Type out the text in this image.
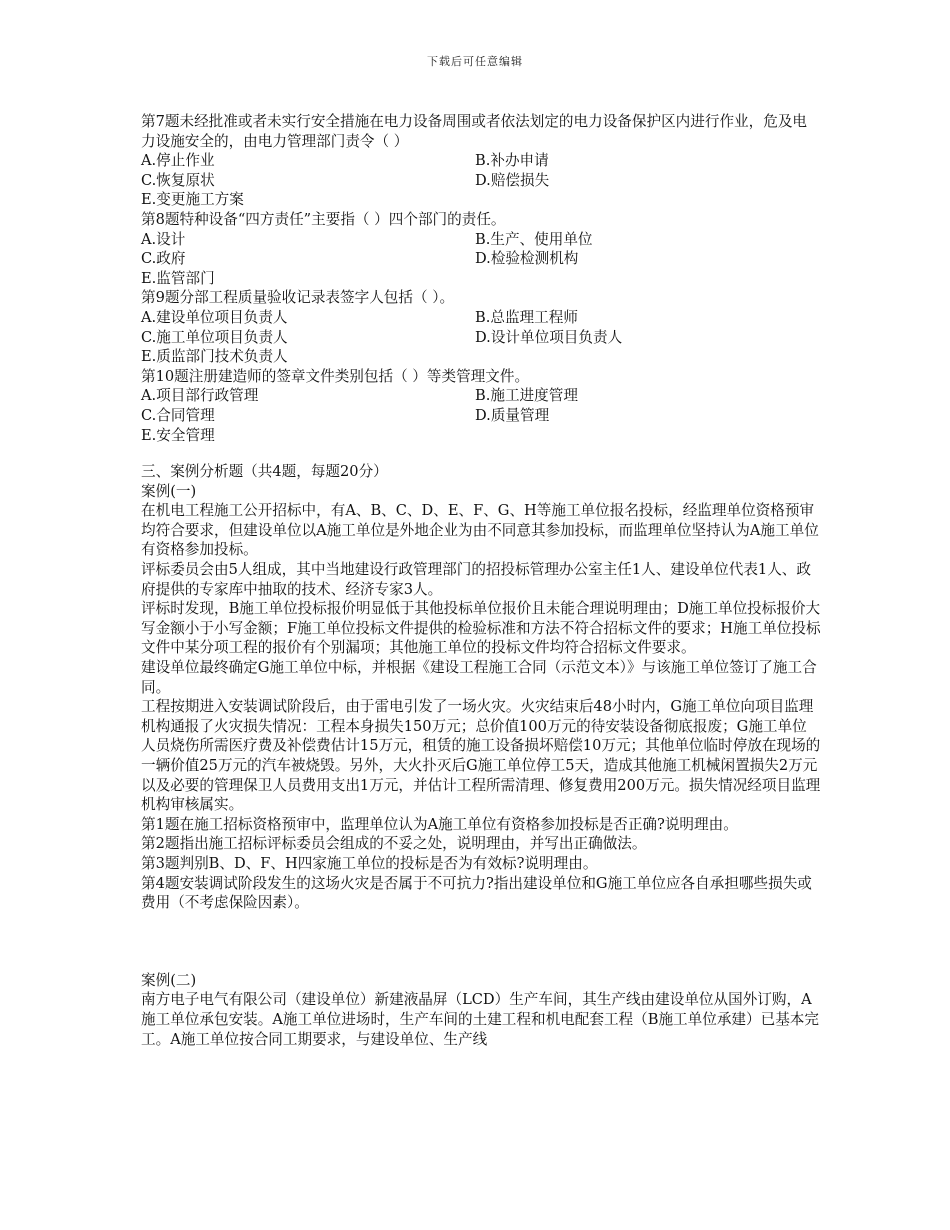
下载后可任意编辑

第7题未经批准或者未实行安全措施在电力设备周围或者依法划定的电力设备保护区内进行作业，危及电力设施安全的，由电力管理部门责令（ ）

A.停止作业	B.补办申请
C.恢复原状	D.赔偿损失

E.变更施工方案

第8题特种设备“四方责任”主要指（ ）四个部门的责任。

A.设计	B.生产、使用单位
C.政府	D.检验检测机构

E.监管部门

第9题分部工程质量验收记录表签字人包括（ ）。

A.建设单位项目负责人	B.总监理工程师
C.施工单位项目负责人	D.设计单位项目负责人

E.质监部门技术负责人

第10题注册建造师的签章文件类别包括（ ）等类管理文件。

A.项目部行政管理	B.施工进度管理
C.合同管理	D.质量管理

E.安全管理

三、案例分析题（共4题，每题20分）

案例(一)

在机电工程施工公开招标中，有A、B、C、D、E、F、G、H等施工单位报名投标，经监理单位资格预审均符合要求，但建设单位以A施工单位是外地企业为由不同意其参加投标，而监理单位坚持认为A施工单位有资格参加投标。

评标委员会由5人组成，其中当地建设行政管理部门的招投标管理办公室主任1人、建设单位代表1人、政府提供的专家库中抽取的技术、经济专家3人。

评标时发现，B施工单位投标报价明显低于其他投标单位报价且未能合理说明理由；D施工单位投标报价大写金额小于小写金额；F施工单位投标文件提供的检验标准和方法不符合招标文件的要求；H施工单位投标文件中某分项工程的报价有个别漏项；其他施工单位的投标文件均符合招标文件要求。

建设单位最终确定G施工单位中标，并根据《建设工程施工合同（示范文本）》与该施工单位签订了施工合同。

工程按期进入安装调试阶段后，由于雷电引发了一场火灾。火灾结束后48小时内，G施工单位向项目监理机构通报了火灾损失情况：工程本身损失150万元；总价值100万元的待安装设备彻底报废；G施工单位人员烧伤所需医疗费及补偿费估计15万元，租赁的施工设备损坏赔偿10万元；其他单位临时停放在现场的一辆价值25万元的汽车被烧毁。另外，大火扑灭后G施工单位停工5天，造成其他施工机械闲置损失2万元以及必要的管理保卫人员费用支出1万元，并估计工程所需清理、修复费用200万元。损失情况经项目监理机构审核属实。

第1题在施工招标资格预审中，监理单位认为A施工单位有资格参加投标是否正确?说明理由。

第2题指出施工招标评标委员会组成的不妥之处，说明理由，并写出正确做法。

第3题判别B、D、F、H四家施工单位的投标是否为有效标?说明理由。

第4题安装调试阶段发生的这场火灾是否属于不可抗力?指出建设单位和G施工单位应各自承担哪些损失或费用（不考虑保险因素）。

案例(二)

南方电子电气有限公司（建设单位）新建液晶屏（LCD）生产车间，其生产线由建设单位从国外订购，A施工单位承包安装。A施工单位进场时，生产车间的土建工程和机电配套工程（B施工单位承建）已基本完工。A施工单位按合同工期要求，与建设单位、生产线
